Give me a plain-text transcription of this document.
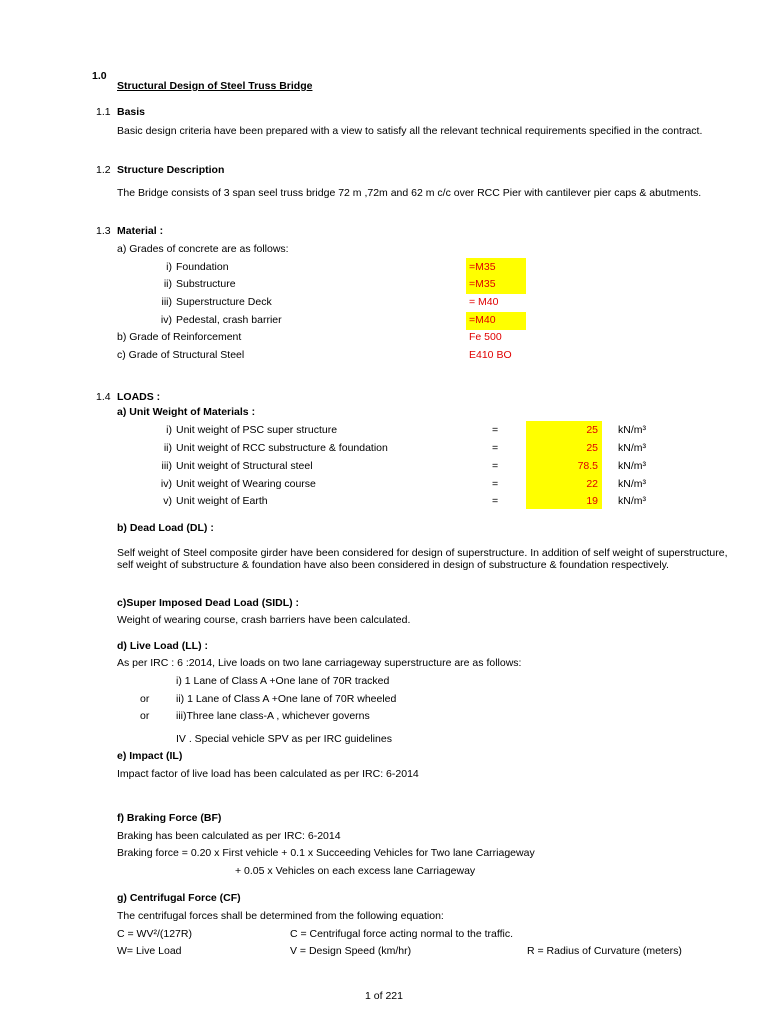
1.0
Structural Design of Steel Truss Bridge
1.1 Basis
Basic design criteria have been prepared with a view to satisfy all the relevant technical requirements specified in the contract.
1.2 Structure Description
The Bridge consists of 3 span seel truss bridge 72 m ,72m and 62 m c/c over RCC Pier with cantilever pier caps & abutments.
1.3 Material :
a) Grades of concrete are as follows:
i) Foundation	=M35
ii) Substructure	=M35
iii) Superstructure Deck	= M40
iv) Pedestal, crash barrier	=M40
b) Grade of Reinforcement	Fe 500
c) Grade of Structural Steel	E410 BO
1.4 LOADS :
a) Unit Weight of Materials :
i) Unit weight of PSC super structure	=	25 kN/m³
ii) Unit weight of RCC substructure & foundation	=	25 kN/m³
iii) Unit weight of Structural steel	=	78.5 kN/m³
iv) Unit weight of Wearing course	=	22 kN/m³
v) Unit weight of Earth	=	19 kN/m³
b) Dead Load (DL) :
Self weight of Steel composite girder have been considered for design of superstructure. In addition of self weight of superstructure, self weight of substructure & foundation have also been considered in design of substructure & foundation respectively.
c)Super Imposed Dead Load (SIDL) :
Weight of wearing course, crash barriers have been calculated.
d) Live Load (LL) :
As per IRC : 6 :2014, Live loads on two lane carriageway superstructure are as follows:
i) 1 Lane of Class A +One lane of 70R tracked
or	ii) 1 Lane of Class A +One lane of 70R wheeled
or	iii)Three lane class-A , whichever governs
IV . Special vehicle SPV as per IRC guidelines
e) Impact (IL)
Impact factor of live load has been calculated as per IRC: 6-2014
f) Braking Force (BF)
Braking has been calculated as per IRC: 6-2014
Braking force = 0.20 x First vehicle + 0.1 x Succeeding Vehicles for Two lane Carriageway
+ 0.05 x Vehicles on each excess lane Carriageway
g) Centrifugal Force (CF)
The centrifugal forces shall be determined from the following equation:
C = WV²/(127R)	C = Centrifugal force acting normal to the traffic.
W= Live Load	V = Design Speed (km/hr)	R = Radius of Curvature (meters)
1 of 221
